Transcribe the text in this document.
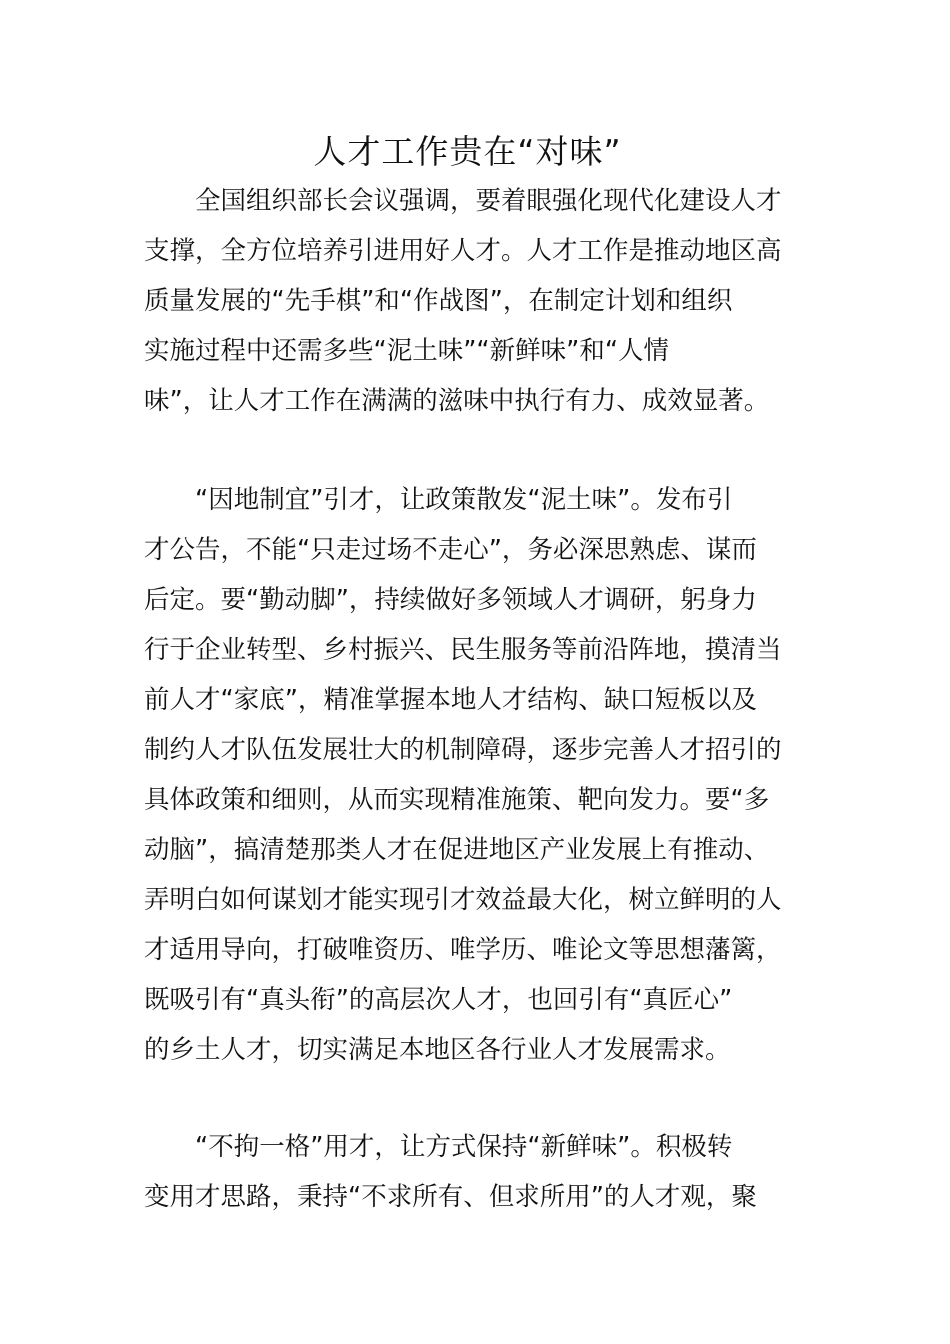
人才工作贵在“对味”
　　全国组织部长会议强调，要着眼强化现代化建设人才
支撑，全方位培养引进用好人才。人才工作是推动地区高
质量发展的“先手棋”和“作战图”，在制定计划和组织
实施过程中还需多些“泥土味”“新鲜味”和“人情
味”，让人才工作在满满的滋味中执行有力、成效显著。
　　“因地制宜”引才，让政策散发“泥土味”。发布引
才公告，不能“只走过场不走心”，务必深思熟虑、谋而
后定。要“勤动脚”，持续做好多领域人才调研，躬身力
行于企业转型、乡村振兴、民生服务等前沿阵地，摸清当
前人才“家底”，精准掌握本地人才结构、缺口短板以及
制约人才队伍发展壮大的机制障碍，逐步完善人才招引的
具体政策和细则，从而实现精准施策、靶向发力。要“多
动脑”，搞清楚那类人才在促进地区产业发展上有推动、
弄明白如何谋划才能实现引才效益最大化，树立鲜明的人
才适用导向，打破唯资历、唯学历、唯论文等思想藩篱，
既吸引有“真头衔”的高层次人才，也回引有“真匠心”
的乡土人才，切实满足本地区各行业人才发展需求。
　　“不拘一格”用才，让方式保持“新鲜味”。积极转
变用才思路，秉持“不求所有、但求所用”的人才观，聚
